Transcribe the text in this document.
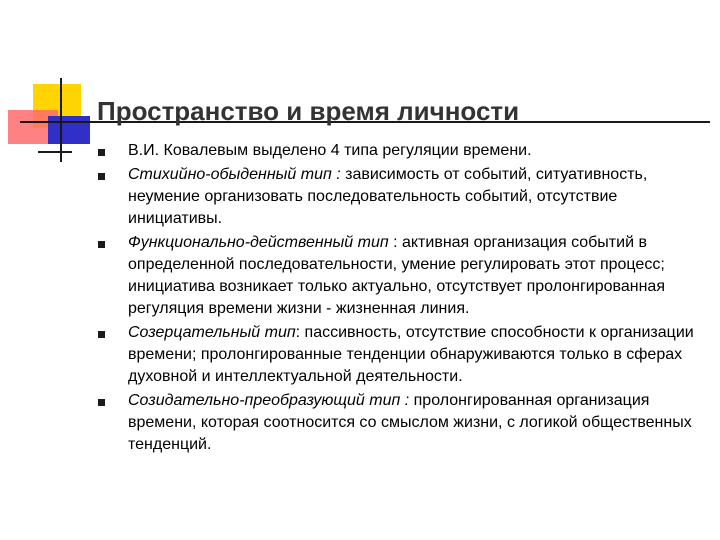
Пространство и время личности
В.И. Ковалевым выделено 4 типа регуляции времени.
Стихийно-обыденный тип : зависимость от событий, ситуативность, неумение организовать последовательность событий, отсутствие инициативы.
Функционально-действенный тип : активная организация событий в определенной последовательности, умение регулировать этот процесс; инициатива возникает только актуально, отсутствует пролонгированная регуляция времени жизни - жизненная линия.
Созерцательный тип: пассивность, отсутствие способности к организации времени; пролонгированные тенденции обнаруживаются только в сферах духовной и интеллектуальной деятельности.
Созидательно-преобразующий тип : пролонгированная организация времени, которая соотносится со смыслом жизни, с логикой общественных тенденций.
